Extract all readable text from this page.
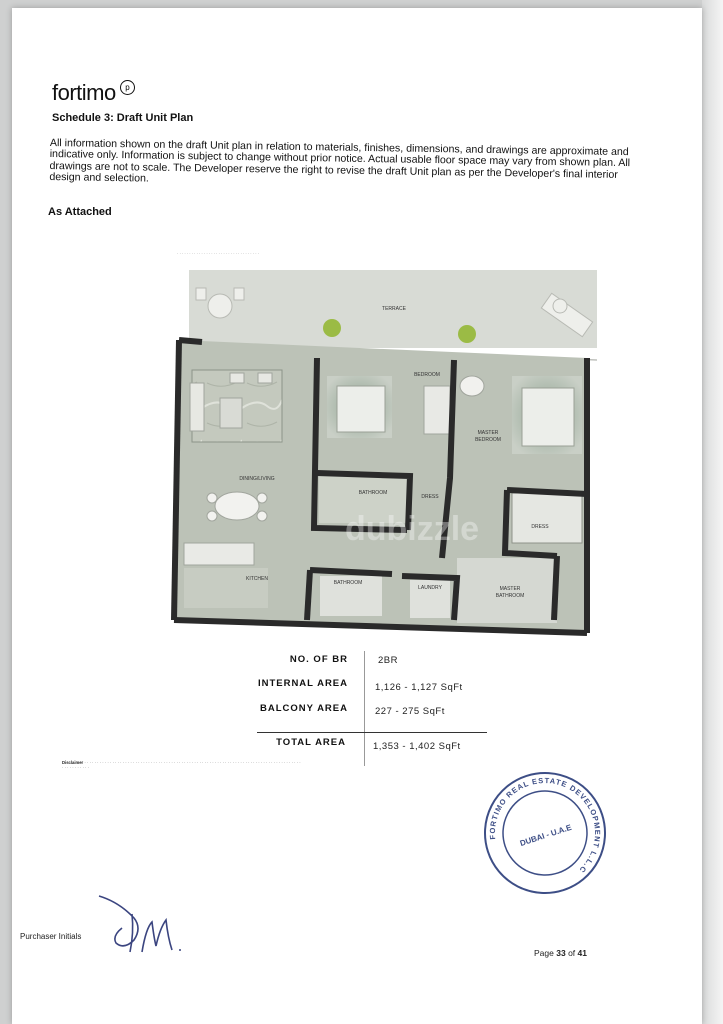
fortimo	p
Schedule 3: Draft Unit Plan
All information shown on the draft Unit plan in relation to materials, finishes, dimensions, and drawings are approximate and indicative only. Information is subject to change without prior notice. Actual usable floor space may vary from shown plan. All drawings are not to scale. The Developer reserve the right to revise the draft Unit plan as per the Developer's final interior design and selection.
As Attached
· · · · · · · · · · · · · · · · · · · · · · · · · · · · · · · · · ·
TERRACE
DINING/LIVING
KITCHEN
BEDROOM
MASTER
BEDROOM
BATHROOM
DRESS
DRESS
BATHROOM
LAUNDRY	MASTER
BATHROOM
dubizzle
NO. OF BR	2BR
INTERNAL AREA	1,126 - 1,127 SqFt
BALCONY AREA	227 - 275 SqFt
TOTAL AREA	1,353 - 1,402 SqFt
Disclaimer · · · · · · · · · · · · · · · · · · · · · · · · · · · · · · · · · · · · · · · · · · · · · · · · · · · · · · · · · · · · · · · · · · · · · · · · · · · · · · · · · · · · · · · · · · · · · · · ·
FORTIMO REAL ESTATE DEVELOPMENT L.L.C
DUBAI - U.A.E
Purchaser Initials
Page 33 of 41
